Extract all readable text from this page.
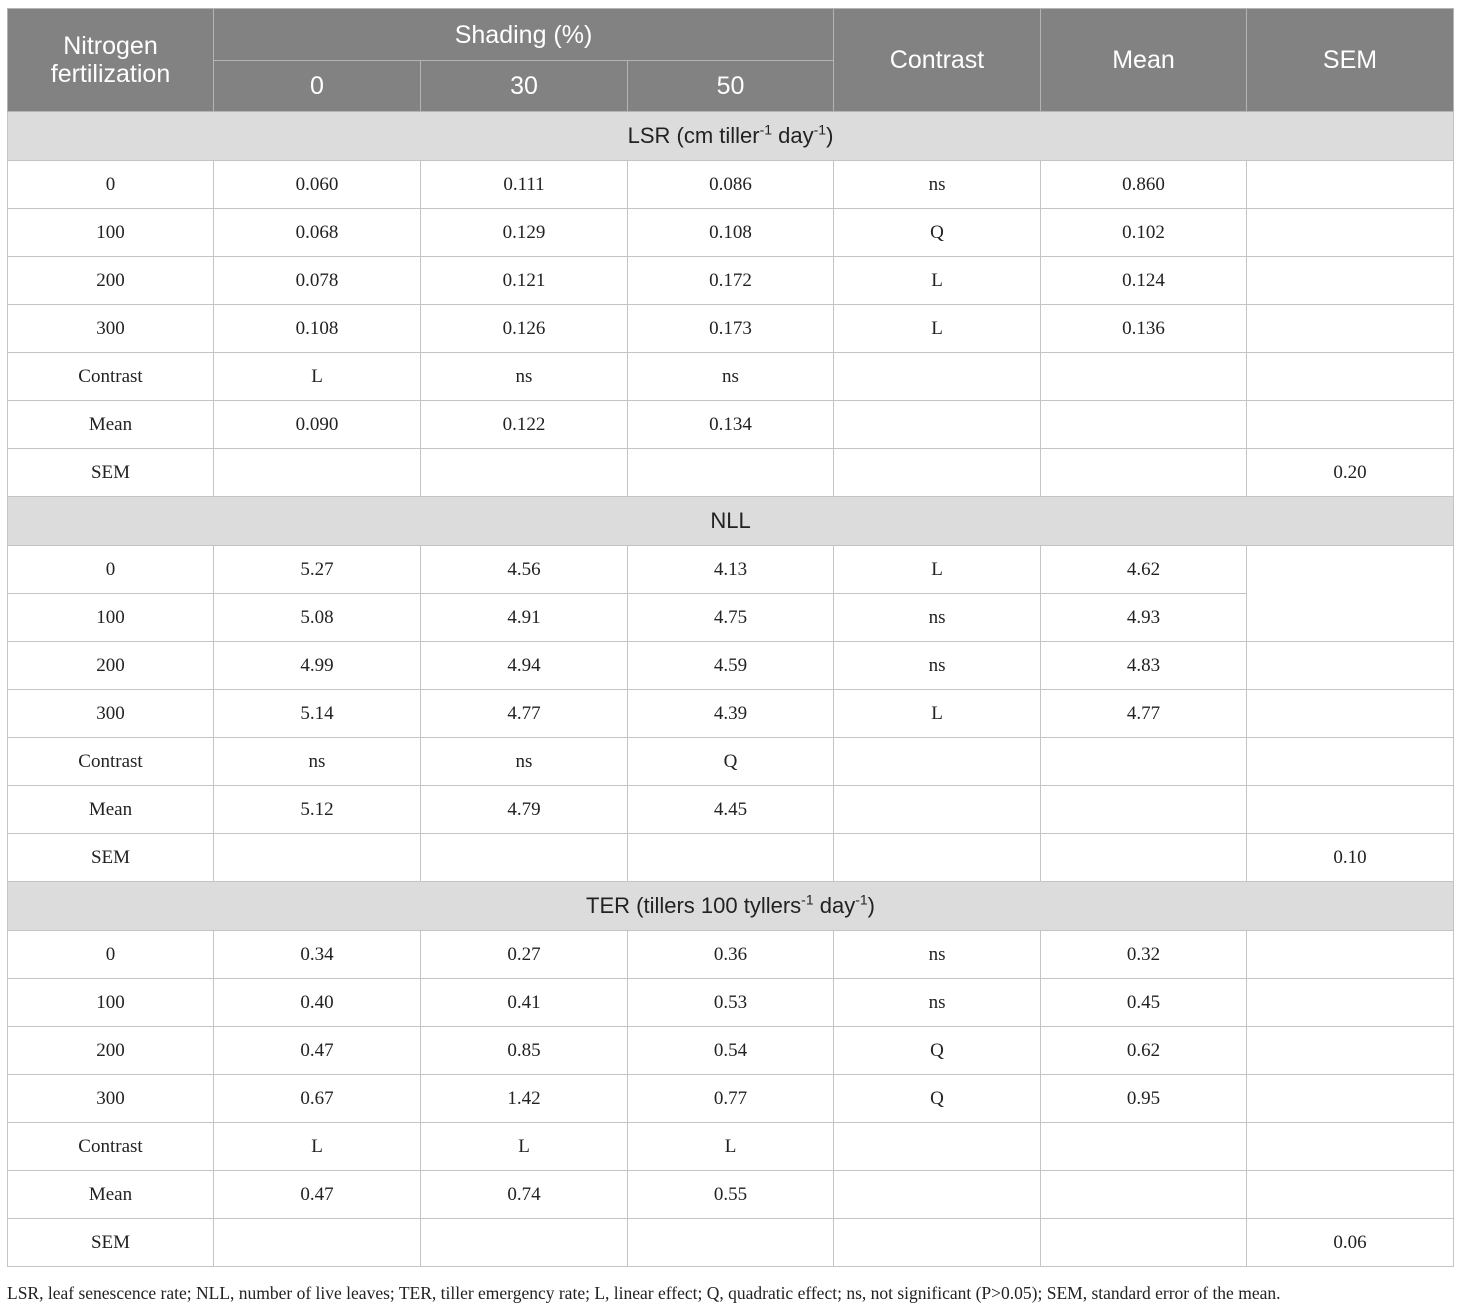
Nitrogen fertilization	Shading (%)			Contrast	Mean	SEM
	0	30	50			
LSR (cm tiller$^{-1}$ day$^{-1}$)						
0	0.060	0.111	0.086	ns	0.860	
100	0.068	0.129	0.108	Q	0.102	
200	0.078	0.121	0.172	L	0.124	
300	0.108	0.126	0.173	L	0.136	
Contrast	L	ns	ns			
Mean	0.090	0.122	0.134			
SEM						0.20
NLL						
0	5.27	4.56	4.13	L	4.62	
100	5.08	4.91	4.75	ns	4.93	
200	4.99	4.94	4.59	ns	4.83	
300	5.14	4.77	4.39	L	4.77	
Contrast	ns	ns	Q			
Mean	5.12	4.79	4.45			
SEM						0.10
TER (tillers 100 tyllers$^{-1}$ day$^{-1}$)						
0	0.34	0.27	0.36	ns	0.32	
100	0.40	0.41	0.53	ns	0.45	
200	0.47	0.85	0.54	Q	0.62	
300	0.67	1.42	0.77	Q	0.95	
Contrast	L	L	L			
Mean	0.47	0.74	0.55			
SEM						0.06

LSR, leaf senescence rate; NLL, number of live leaves; TER, tiller emergency rate; L, linear effect; Q, quadratic effect; ns, not significant (P>0.05); SEM, standard error of the mean.
